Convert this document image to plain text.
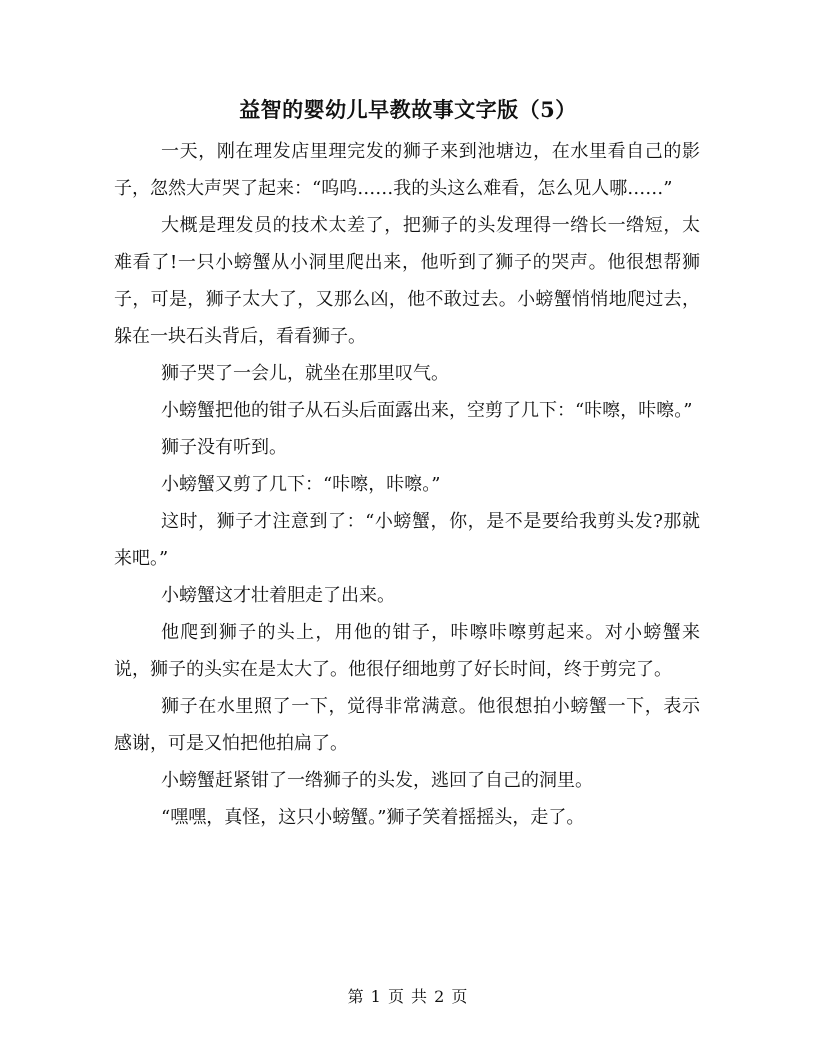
益智的婴幼儿早教故事文字版（5）

一天，刚在理发店里理完发的狮子来到池塘边，在水里看自己的影子，忽然大声哭了起来：“呜呜……我的头这么难看，怎么见人哪……”

大概是理发员的技术太差了，把狮子的头发理得一绺长一绺短，太难看了!一只小螃蟹从小洞里爬出来，他听到了狮子的哭声。他很想帮狮子，可是，狮子太大了，又那么凶，他不敢过去。小螃蟹悄悄地爬过去，躲在一块石头背后，看看狮子。

狮子哭了一会儿，就坐在那里叹气。

小螃蟹把他的钳子从石头后面露出来，空剪了几下：“咔嚓，咔嚓。”

狮子没有听到。

小螃蟹又剪了几下：“咔嚓，咔嚓。”

这时，狮子才注意到了：“小螃蟹，你，是不是要给我剪头发?那就来吧。”

小螃蟹这才壮着胆走了出来。

他爬到狮子的头上，用他的钳子，咔嚓咔嚓剪起来。对小螃蟹来说，狮子的头实在是太大了。他很仔细地剪了好长时间，终于剪完了。

狮子在水里照了一下，觉得非常满意。他很想拍小螃蟹一下，表示感谢，可是又怕把他拍扁了。

小螃蟹赶紧钳了一绺狮子的头发，逃回了自己的洞里。

“嘿嘿，真怪，这只小螃蟹。”狮子笑着摇摇头，走了。

第 1 页 共 2 页
